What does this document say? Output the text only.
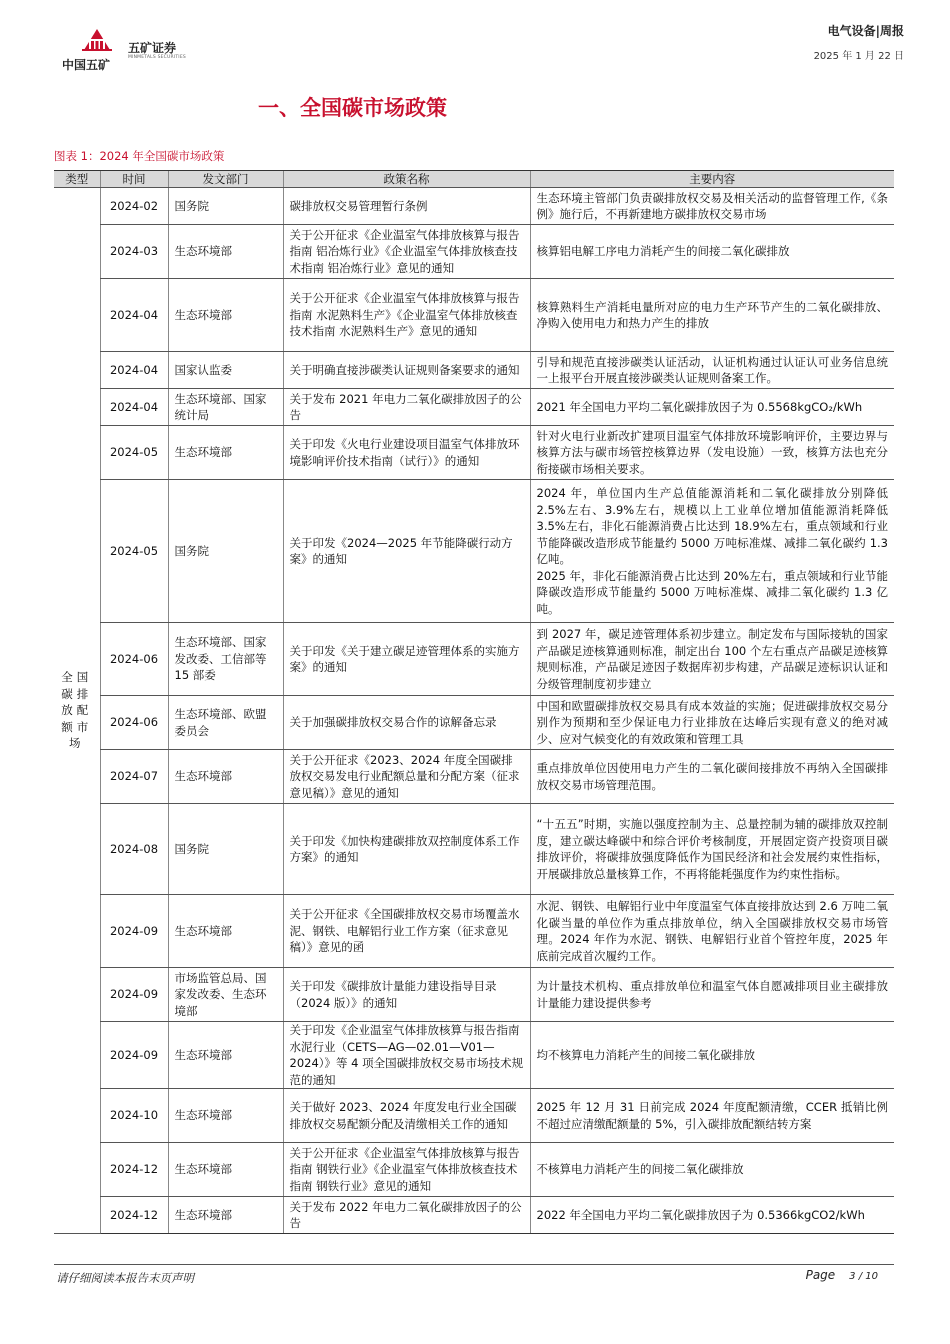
中国五矿
五矿证券
MINMETALS SECURITIES
电气设备|周报
2025 年 1 月 22 日
一、全国碳市场政策
图表 1：2024 年全国碳市场政策
类型	时间	发文部门	政策名称	主要内容
全国碳排放配额市场	2024-02	国务院	碳排放权交易管理暂行条例	生态环境主管部门负责碳排放权交易及相关活动的监督管理工作,《条例》施行后，不再新建地方碳排放权交易市场
	2024-03	生态环境部	关于公开征求《企业温室气体排放核算与报告指南 铝冶炼行业》《企业温室气体排放核查技术指南 铝冶炼行业》意见的通知	核算铝电解工序电力消耗产生的间接二氧化碳排放
	2024-04	生态环境部	关于公开征求《企业温室气体排放核算与报告指南 水泥熟料生产》《企业温室气体排放核查技术指南 水泥熟料生产》意见的通知	核算熟料生产消耗电量所对应的电力生产环节产生的二氧化碳排放、净购入使用电力和热力产生的排放
	2024-04	国家认监委	关于明确直接涉碳类认证规则备案要求的通知	引导和规范直接涉碳类认证活动，认证机构通过认证认可业务信息统一上报平台开展直接涉碳类认证规则备案工作。
	2024-04	生态环境部、国家统计局	关于发布 2021 年电力二氧化碳排放因子的公告	2021 年全国电力平均二氧化碳排放因子为 0.5568kgCO₂/kWh
	2024-05	生态环境部	关于印发《火电行业建设项目温室气体排放环境影响评价技术指南（试行）》的通知	针对火电行业新改扩建项目温室气体排放环境影响评价，主要边界与核算方法与碳市场管控核算边界（发电设施）一致，核算方法也充分衔接碳市场相关要求。
	2024-05	国务院	关于印发《2024—2025 年节能降碳行动方案》的通知	2024 年，单位国内生产总值能源消耗和二氧化碳排放分别降低 2.5%左右、3.9%左右，规模以上工业单位增加值能源消耗降低 3.5%左右，非化石能源消费占比达到 18.9%左右，重点领域和行业节能降碳改造形成节能量约 5000 万吨标准煤、减排二氧化碳约 1.3 亿吨。
2025 年，非化石能源消费占比达到 20%左右，重点领域和行业节能降碳改造形成节能量约 5000 万吨标准煤、减排二氧化碳约 1.3 亿吨。
	2024-06	生态环境部、国家发改委、工信部等 15 部委	关于印发《关于建立碳足迹管理体系的实施方案》的通知	到 2027 年，碳足迹管理体系初步建立。制定发布与国际接轨的国家产品碳足迹核算通则标准，制定出台 100 个左右重点产品碳足迹核算规则标准，产品碳足迹因子数据库初步构建，产品碳足迹标识认证和分级管理制度初步建立
	2024-06	生态环境部、欧盟委员会	关于加强碳排放权交易合作的谅解备忘录	中国和欧盟碳排放权交易具有成本效益的实施；促进碳排放权交易分别作为预期和至少保证电力行业排放在达峰后实现有意义的绝对减少、应对气候变化的有效政策和管理工具
	2024-07	生态环境部	关于公开征求《2023、2024 年度全国碳排放权交易发电行业配额总量和分配方案（征求意见稿）》意见的通知	重点排放单位因使用电力产生的二氧化碳间接排放不再纳入全国碳排放权交易市场管理范围。
	2024-08	国务院	关于印发《加快构建碳排放双控制度体系工作方案》的通知	“十五五”时期，实施以强度控制为主、总量控制为辅的碳排放双控制度，建立碳达峰碳中和综合评价考核制度，开展固定资产投资项目碳排放评价，将碳排放强度降低作为国民经济和社会发展约束性指标，开展碳排放总量核算工作，不再将能耗强度作为约束性指标。
	2024-09	生态环境部	关于公开征求《全国碳排放权交易市场覆盖水泥、钢铁、电解铝行业工作方案（征求意见稿）》意见的函	水泥、钢铁、电解铝行业中年度温室气体直接排放达到 2.6 万吨二氧化碳当量的单位作为重点排放单位，纳入全国碳排放权交易市场管理。2024 年作为水泥、钢铁、电解铝行业首个管控年度，2025 年底前完成首次履约工作。
	2024-09	市场监管总局、国家发改委、生态环境部	关于印发《碳排放计量能力建设指导目录（2024 版）》的通知	为计量技术机构、重点排放单位和温室气体自愿减排项目业主碳排放计量能力建设提供参考
	2024-09	生态环境部	关于印发《企业温室气体排放核算与报告指南 水泥行业（CETS—AG—02.01—V01—2024）》等 4 项全国碳排放权交易市场技术规范的通知	均不核算电力消耗产生的间接二氧化碳排放
	2024-10	生态环境部	关于做好 2023、2024 年度发电行业全国碳排放权交易配额分配及清缴相关工作的通知	2025 年 12 月 31 日前完成 2024 年度配额清缴，CCER 抵销比例不超过应清缴配额量的 5%，引入碳排放配额结转方案
	2024-12	生态环境部	关于公开征求《企业温室气体排放核算与报告指南 钢铁行业》《企业温室气体排放核查技术指南 钢铁行业》意见的通知	不核算电力消耗产生的间接二氧化碳排放
	2024-12	生态环境部	关于发布 2022 年电力二氧化碳排放因子的公告	2022 年全国电力平均二氧化碳排放因子为 0.5366kgCO2/kWh
请仔细阅读本报告末页声明	Page 3 / 10
